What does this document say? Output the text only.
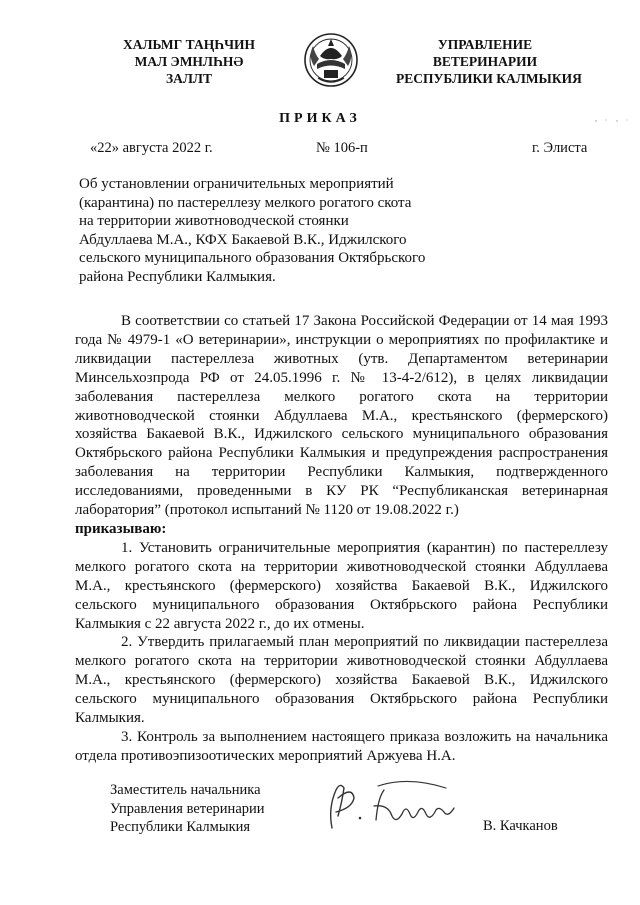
ХАЛЬМГ ТАҢҺЧИН
МАЛ ЭМНЛҺНӘ
ЗАЛЛТ
УПРАВЛЕНИЕ
ВЕТЕРИНАРИИ
РЕСПУБЛИКИ КАЛМЫКИЯ
ПРИКАЗ
«22» августа 2022 г.	№ 106-п	г. Элиста
Об установлении ограничительных мероприятий
(карантина) по пастереллезу мелкого рогатого скота
на территории животноводческой стоянки
Абдуллаева М.А., КФХ Бакаевой В.К., Иджилского
сельского муниципального образования Октябрьского
района Республики Калмыкия.

В соответствии со статьей 17 Закона Российской Федерации от 14 мая 1993 года № 4979-1 «О ветеринарии», инструкции о мероприятиях по профилактике и ликвидации пастереллеза животных (утв. Департаментом ветеринарии Минсельхозпрода РФ от 24.05.1996 г. № 13-4-2/612), в целях ликвидации заболевания пастереллеза мелкого рогатого скота на территории животноводческой стоянки Абдуллаева М.А., крестьянского (фермерского) хозяйства Бакаевой В.К., Иджилского сельского муниципального образования Октябрьского района Республики Калмыкия и предупреждения распространения заболевания на территории Республики Калмыкия, подтвержденного исследованиями, проведенными в КУ РК “Республиканская ветеринарная лаборатория” (протокол испытаний № 1120 от 19.08.2022 г.)

приказываю:

1. Установить ограничительные мероприятия (карантин) по пастереллезу мелкого рогатого скота на территории животноводческой стоянки Абдуллаева М.А., крестьянского (фермерского) хозяйства Бакаевой В.К., Иджилского сельского муниципального образования Октябрьского района Республики Калмыкия с 22 августа 2022 г., до их отмены.

2. Утвердить прилагаемый план мероприятий по ликвидации пастереллеза мелкого рогатого скота на территории животноводческой стоянки Абдуллаева М.А., крестьянского (фермерского) хозяйства Бакаевой В.К., Иджилского сельского муниципального образования Октябрьского района Республики Калмыкия.

3. Контроль за выполнением настоящего приказа возложить на начальника отдела противоэпизоотических мероприятий Аржуева Н.А.

Заместитель начальника
Управления ветеринарии
Республики Калмыкия	В. Качканов
